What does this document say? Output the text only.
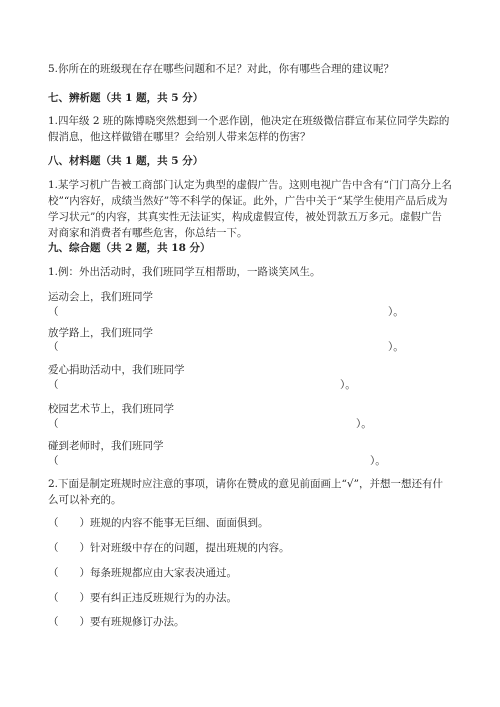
5.你所在的班级现在存在哪些问题和不足？对此，你有哪些合理的建议呢？
七、辨析题（共 1 题，共 5 分）
1.四年级 2 班的陈博晓突然想到一个恶作剧，他决定在班级微信群宣布某位同学失踪的假消息，他这样做错在哪里？会给别人带来怎样的伤害？
八、材料题（共 1 题，共 5 分）
1.某学习机广告被工商部门认定为典型的虚假广告。这则电视广告中含有“门门高分上名校”“内容好，成绩当然好”等不科学的保证。此外，广告中关于“某学生使用产品后成为学习状元”的内容，其真实性无法证实，构成虚假宣传，被处罚款五万多元。虚假广告对商家和消费者有哪些危害，你总结一下。
九、综合题（共 2 题，共 18 分）
1.例：外出活动时，我们班同学互相帮助，一路谈笑风生。
运动会上，我们班同学
（	）。
放学路上，我们班同学
（	）。
爱心捐助活动中，我们班同学
（	）。
校园艺术节上，我们班同学
（	）。
碰到老师时，我们班同学
（	）。
2.下面是制定班规时应注意的事项，请你在赞成的意见前面画上“√”，并想一想还有什么可以补充的。
（　　）班规的内容不能事无巨细、面面俱到。
（　　）针对班级中存在的问题，提出班规的内容。
（　　）每条班规都应由大家表决通过。
（　　）要有纠正违反班规行为的办法。
（　　）要有班规修订办法。
